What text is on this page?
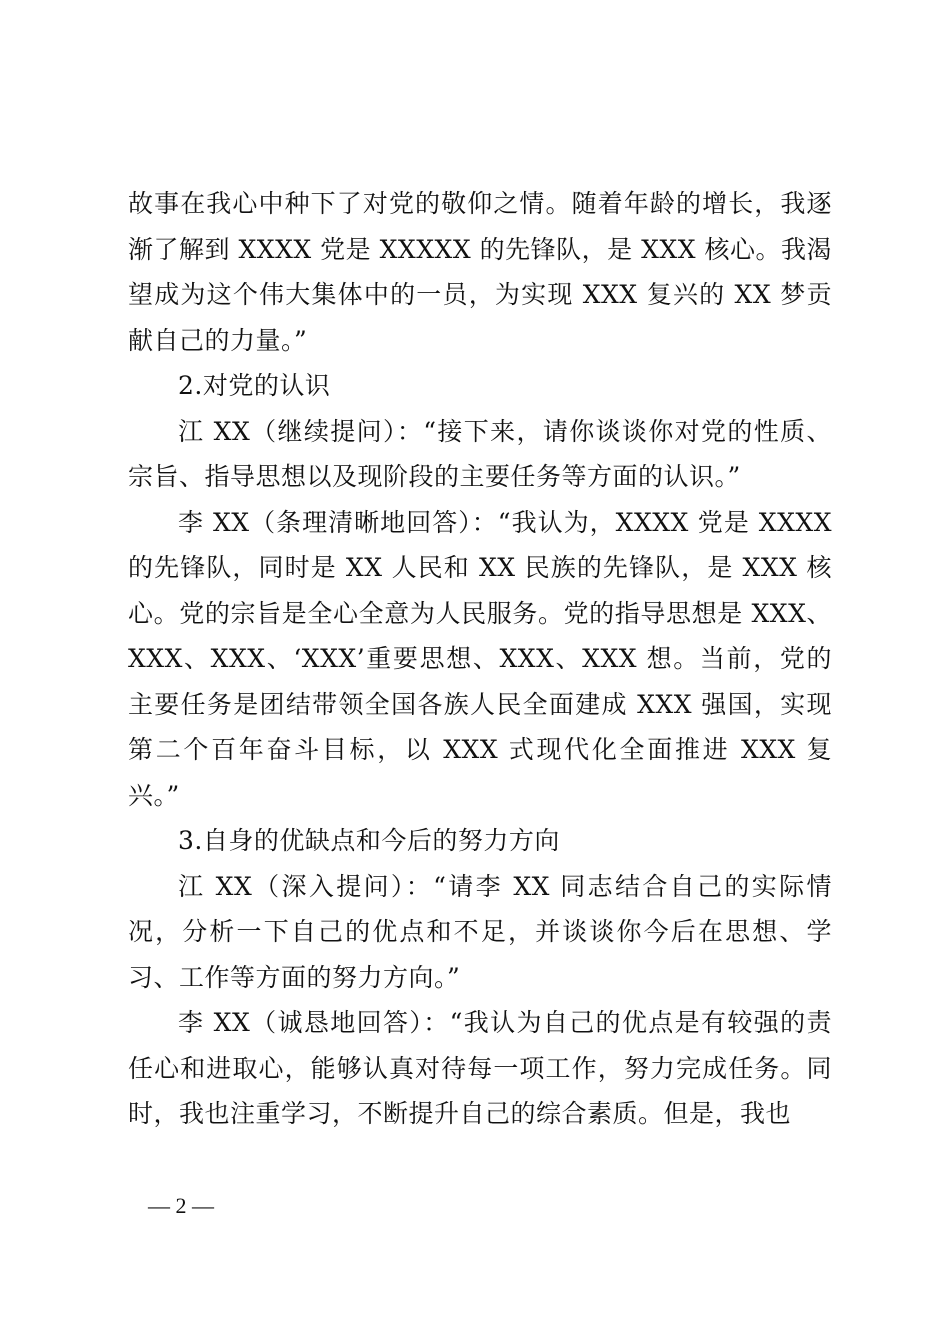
故事在我心中种下了对党的敬仰之情。随着年龄的增长，我逐渐了解到 XXXX 党是 XXXXX 的先锋队，是 XXX 核心。我渴望成为这个伟大集体中的一员，为实现 XXX 复兴的 XX 梦贡献自己的力量。”

2.对党的认识

江 XX（继续提问）：“接下来，请你谈谈你对党的性质、宗旨、指导思想以及现阶段的主要任务等方面的认识。”

李 XX（条理清晰地回答）：“我认为，XXXX 党是 XXXX 的先锋队，同时是 XX 人民和 XX 民族的先锋队，是 XXX 核心。党的宗旨是全心全意为人民服务。党的指导思想是 XXX、XXX、XXX、‘XXX’重要思想、XXX、XXX 想。当前，党的主要任务是团结带领全国各族人民全面建成 XXX 强国，实现第二个百年奋斗目标，以 XXX 式现代化全面推进 XXX 复兴。”

3.自身的优缺点和今后的努力方向

江 XX（深入提问）：“请李 XX 同志结合自己的实际情况，分析一下自己的优点和不足，并谈谈你今后在思想、学习、工作等方面的努力方向。”

李 XX（诚恳地回答）：“我认为自己的优点是有较强的责任心和进取心，能够认真对待每一项工作，努力完成任务。同时，我也注重学习，不断提升自己的综合素质。但是，我也

— 2 —
